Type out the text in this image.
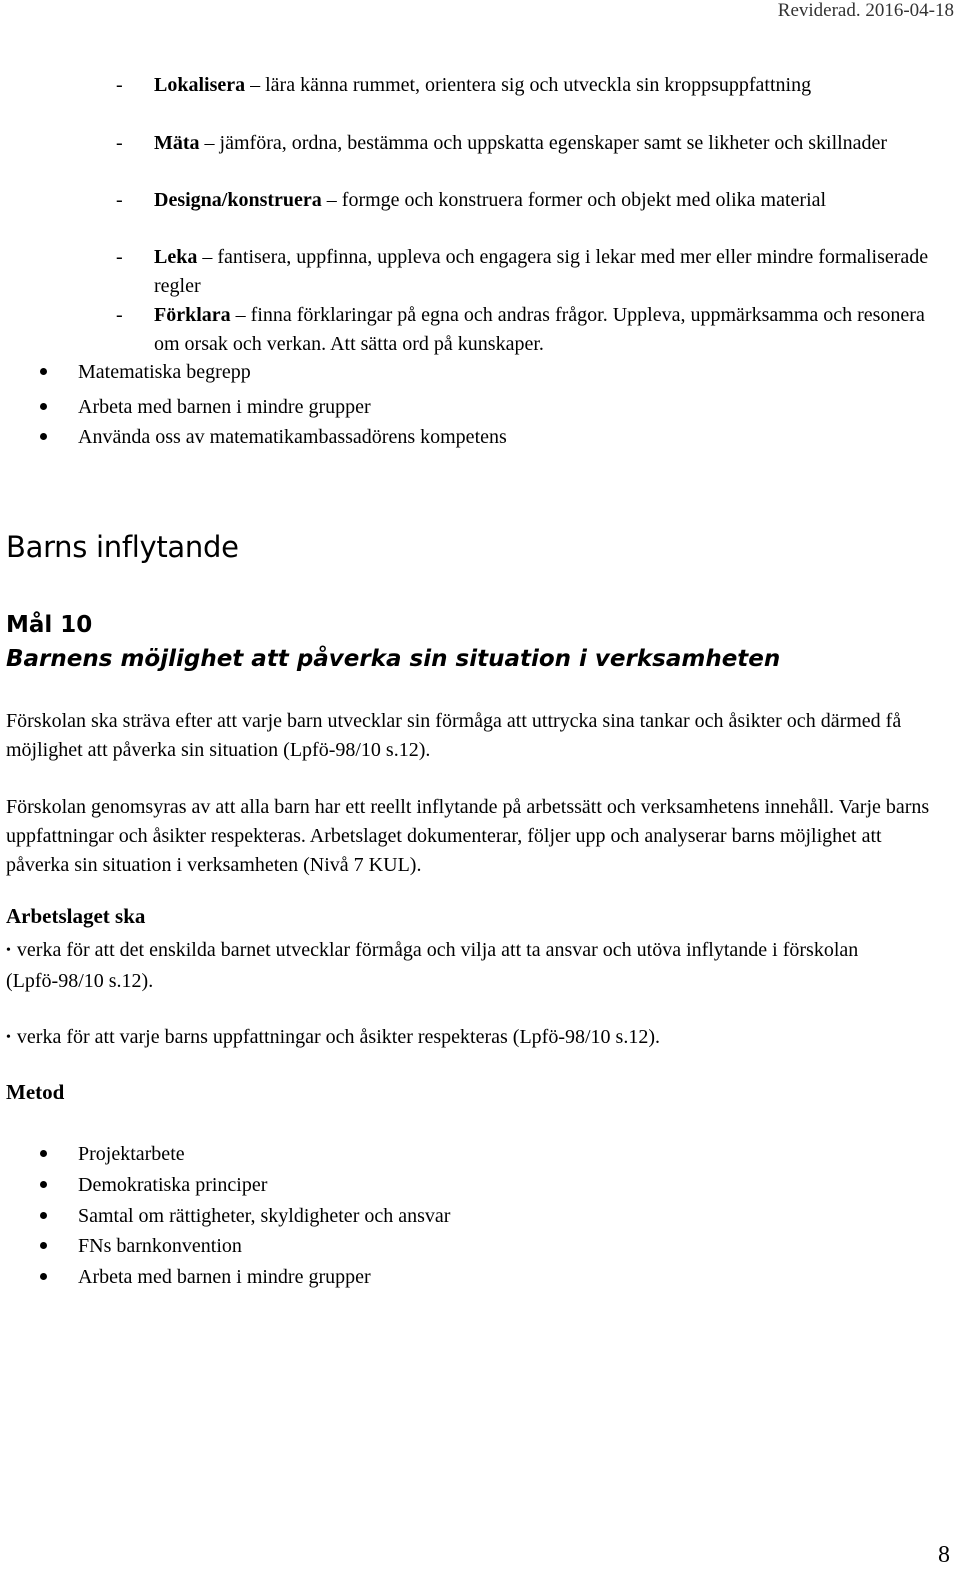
Reviderad. 2016-04-18
- Lokalisera – lära känna rummet, orientera sig och utveckla sin kroppsuppfattning
- Mäta – jämföra, ordna, bestämma och uppskatta egenskaper samt se likheter och skillnader
- Designa/konstruera – formge och konstruera former och objekt med olika material
- Leka – fantisera, uppfinna, uppleva och engagera sig i lekar med mer eller mindre formaliserade regler
- Förklara – finna förklaringar på egna och andras frågor. Uppleva, uppmärksamma och resonera om orsak och verkan. Att sätta ord på kunskaper.
Matematiska begrepp
Arbeta med barnen i mindre grupper
Använda oss av matematikambassadörens kompetens
Barns inflytande
Mål 10
Barnens möjlighet att påverka sin situation i verksamheten

Förskolan ska sträva efter att varje barn utvecklar sin förmåga att uttrycka sina tankar och åsikter och därmed få möjlighet att påverka sin situation (Lpfö-98/10 s.12).

Förskolan genomsyras av att alla barn har ett reellt inflytande på arbetssätt och verksamhetens innehåll. Varje barns uppfattningar och åsikter respekteras. Arbetslaget dokumenterar, följer upp och analyserar barns möjlighet att påverka sin situation i verksamheten (Nivå 7 KUL).

Arbetslaget ska
• verka för att det enskilda barnet utvecklar förmåga och vilja att ta ansvar och utöva inflytande i förskolan (Lpfö-98/10 s.12).
• verka för att varje barns uppfattningar och åsikter respekteras (Lpfö-98/10 s.12).
Metod
Projektarbete
Demokratiska principer
Samtal om rättigheter, skyldigheter och ansvar
FNs barnkonvention
Arbeta med barnen i mindre grupper
8
